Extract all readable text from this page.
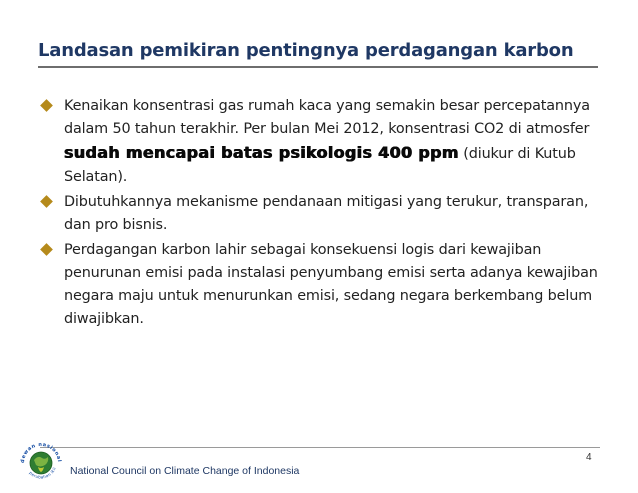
Landasan pemikiran pentingnya perdagangan karbon
Kenaikan konsentrasi gas rumah kaca yang semakin besar percepatannya dalam 50 tahun terakhir. Per bulan Mei 2012, konsentrasi CO2 di atmosfer sudah mencapai batas psikologis 400 ppm (diukur di Kutub Selatan).
Dibutuhkannya mekanisme pendanaan mitigasi yang terukur, transparan, dan pro bisnis.
Perdagangan karbon lahir sebagai konsekuensi logis dari kewajiban penurunan emisi pada instalasi penyumbang emisi serta adanya kewajiban negara maju untuk menurunkan emisi, sedang negara berkembang belum diwajibkan.
4
dewan nasional
perubahan ikli National Council on Climate Change of Indonesia
